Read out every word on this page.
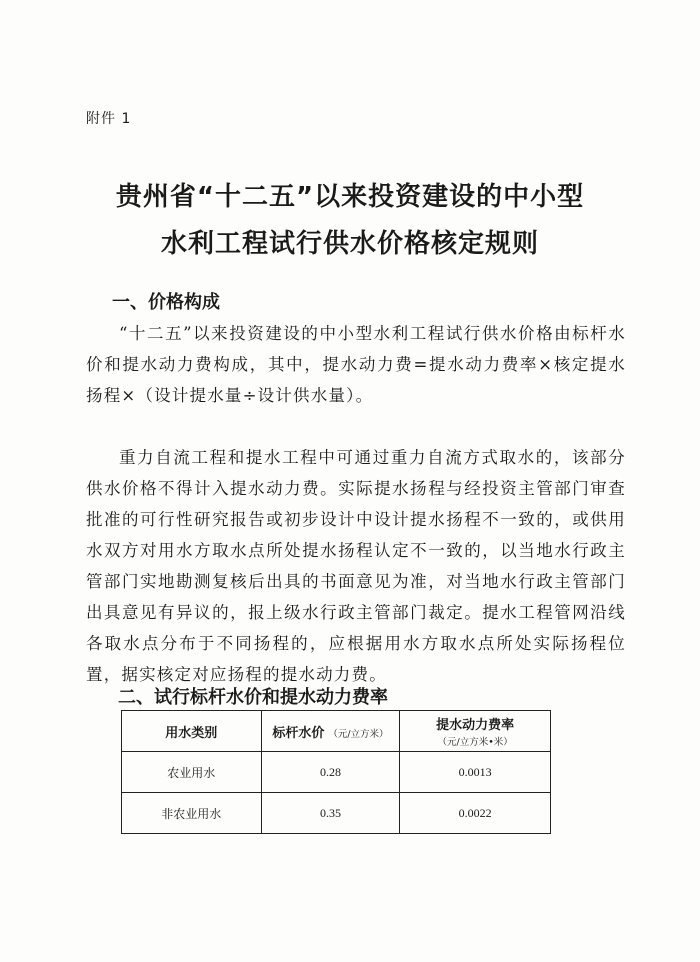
附件 1
贵州省“十二五”以来投资建设的中小型
水利工程试行供水价格核定规则
一、价格构成
“十二五”以来投资建设的中小型水利工程试行供水价格由标杆水价和提水动力费构成，其中，提水动力费=提水动力费率×核定提水扬程×（设计提水量÷设计供水量）。
重力自流工程和提水工程中可通过重力自流方式取水的，该部分供水价格不得计入提水动力费。实际提水扬程与经投资主管部门审查批准的可行性研究报告或初步设计中设计提水扬程不一致的，或供用水双方对用水方取水点所处提水扬程认定不一致的，以当地水行政主管部门实地勘测复核后出具的书面意见为准，对当地水行政主管部门出具意见有异议的，报上级水行政主管部门裁定。提水工程管网沿线各取水点分布于不同扬程的，应根据用水方取水点所处实际扬程位置，据实核定对应扬程的提水动力费。
二、试行标杆水价和提水动力费率
用水类别	标杆水价 （元/立方米）	提水动力费率
（元/立方米•米）

农业用水	0.28	0.0013
非农业用水	0.35	0.0022
